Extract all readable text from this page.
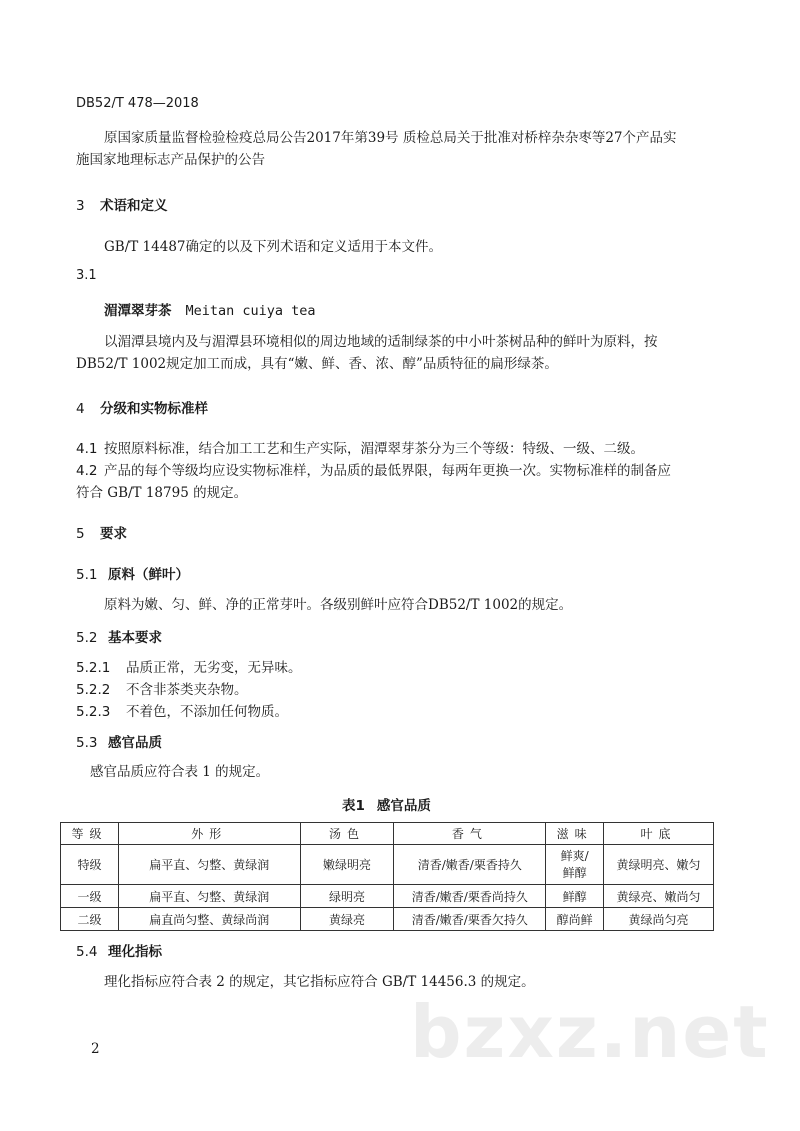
DB52/T 478—2018
原国家质量监督检验检疫总局公告2017年第39号 质检总局关于批准对桥梓杂杂枣等27个产品实
施国家地理标志产品保护的公告
3 术语和定义
GB/T 14487确定的以及下列术语和定义适用于本文件。
3.1
湄潭翠芽茶 Meitan cuiya tea
以湄潭县境内及与湄潭县环境相似的周边地域的适制绿茶的中小叶茶树品种的鲜叶为原料，按
DB52/T 1002规定加工而成，具有“嫩、鲜、香、浓、醇”品质特征的扁形绿茶。
4 分级和实物标准样
4.1 按照原料标准，结合加工工艺和生产实际，湄潭翠芽茶分为三个等级：特级、一级、二级。
4.2 产品的每个等级均应设实物标准样，为品质的最低界限，每两年更换一次。实物标准样的制备应
符合 GB/T 18795 的规定。
5 要求
5.1 原料（鲜叶）
原料为嫩、匀、鲜、净的正常芽叶。各级别鲜叶应符合DB52/T 1002的规定。
5.2 基本要求
5.2.1 品质正常，无劣变，无异味。
5.2.2 不含非茶类夹杂物。
5.2.3 不着色，不添加任何物质。
5.3 感官品质
感官品质应符合表 1 的规定。
表1 感官品质
等级	外形	汤色	香气	滋味	叶底
特级	扁平直、匀整、黄绿润	嫩绿明亮	清香/嫩香/栗香持久	鲜爽/
鲜醇	黄绿明亮、嫩匀
一级	扁平直、匀整、黄绿润	绿明亮	清香/嫩香/栗香尚持久	鲜醇	黄绿亮、嫩尚匀
二级	扁直尚匀整、黄绿尚润	黄绿亮	清香/嫩香/栗香欠持久	醇尚鲜	黄绿尚匀亮
5.4 理化指标
理化指标应符合表 2 的规定，其它指标应符合 GB/T 14456.3 的规定。
bzxz.net
2
